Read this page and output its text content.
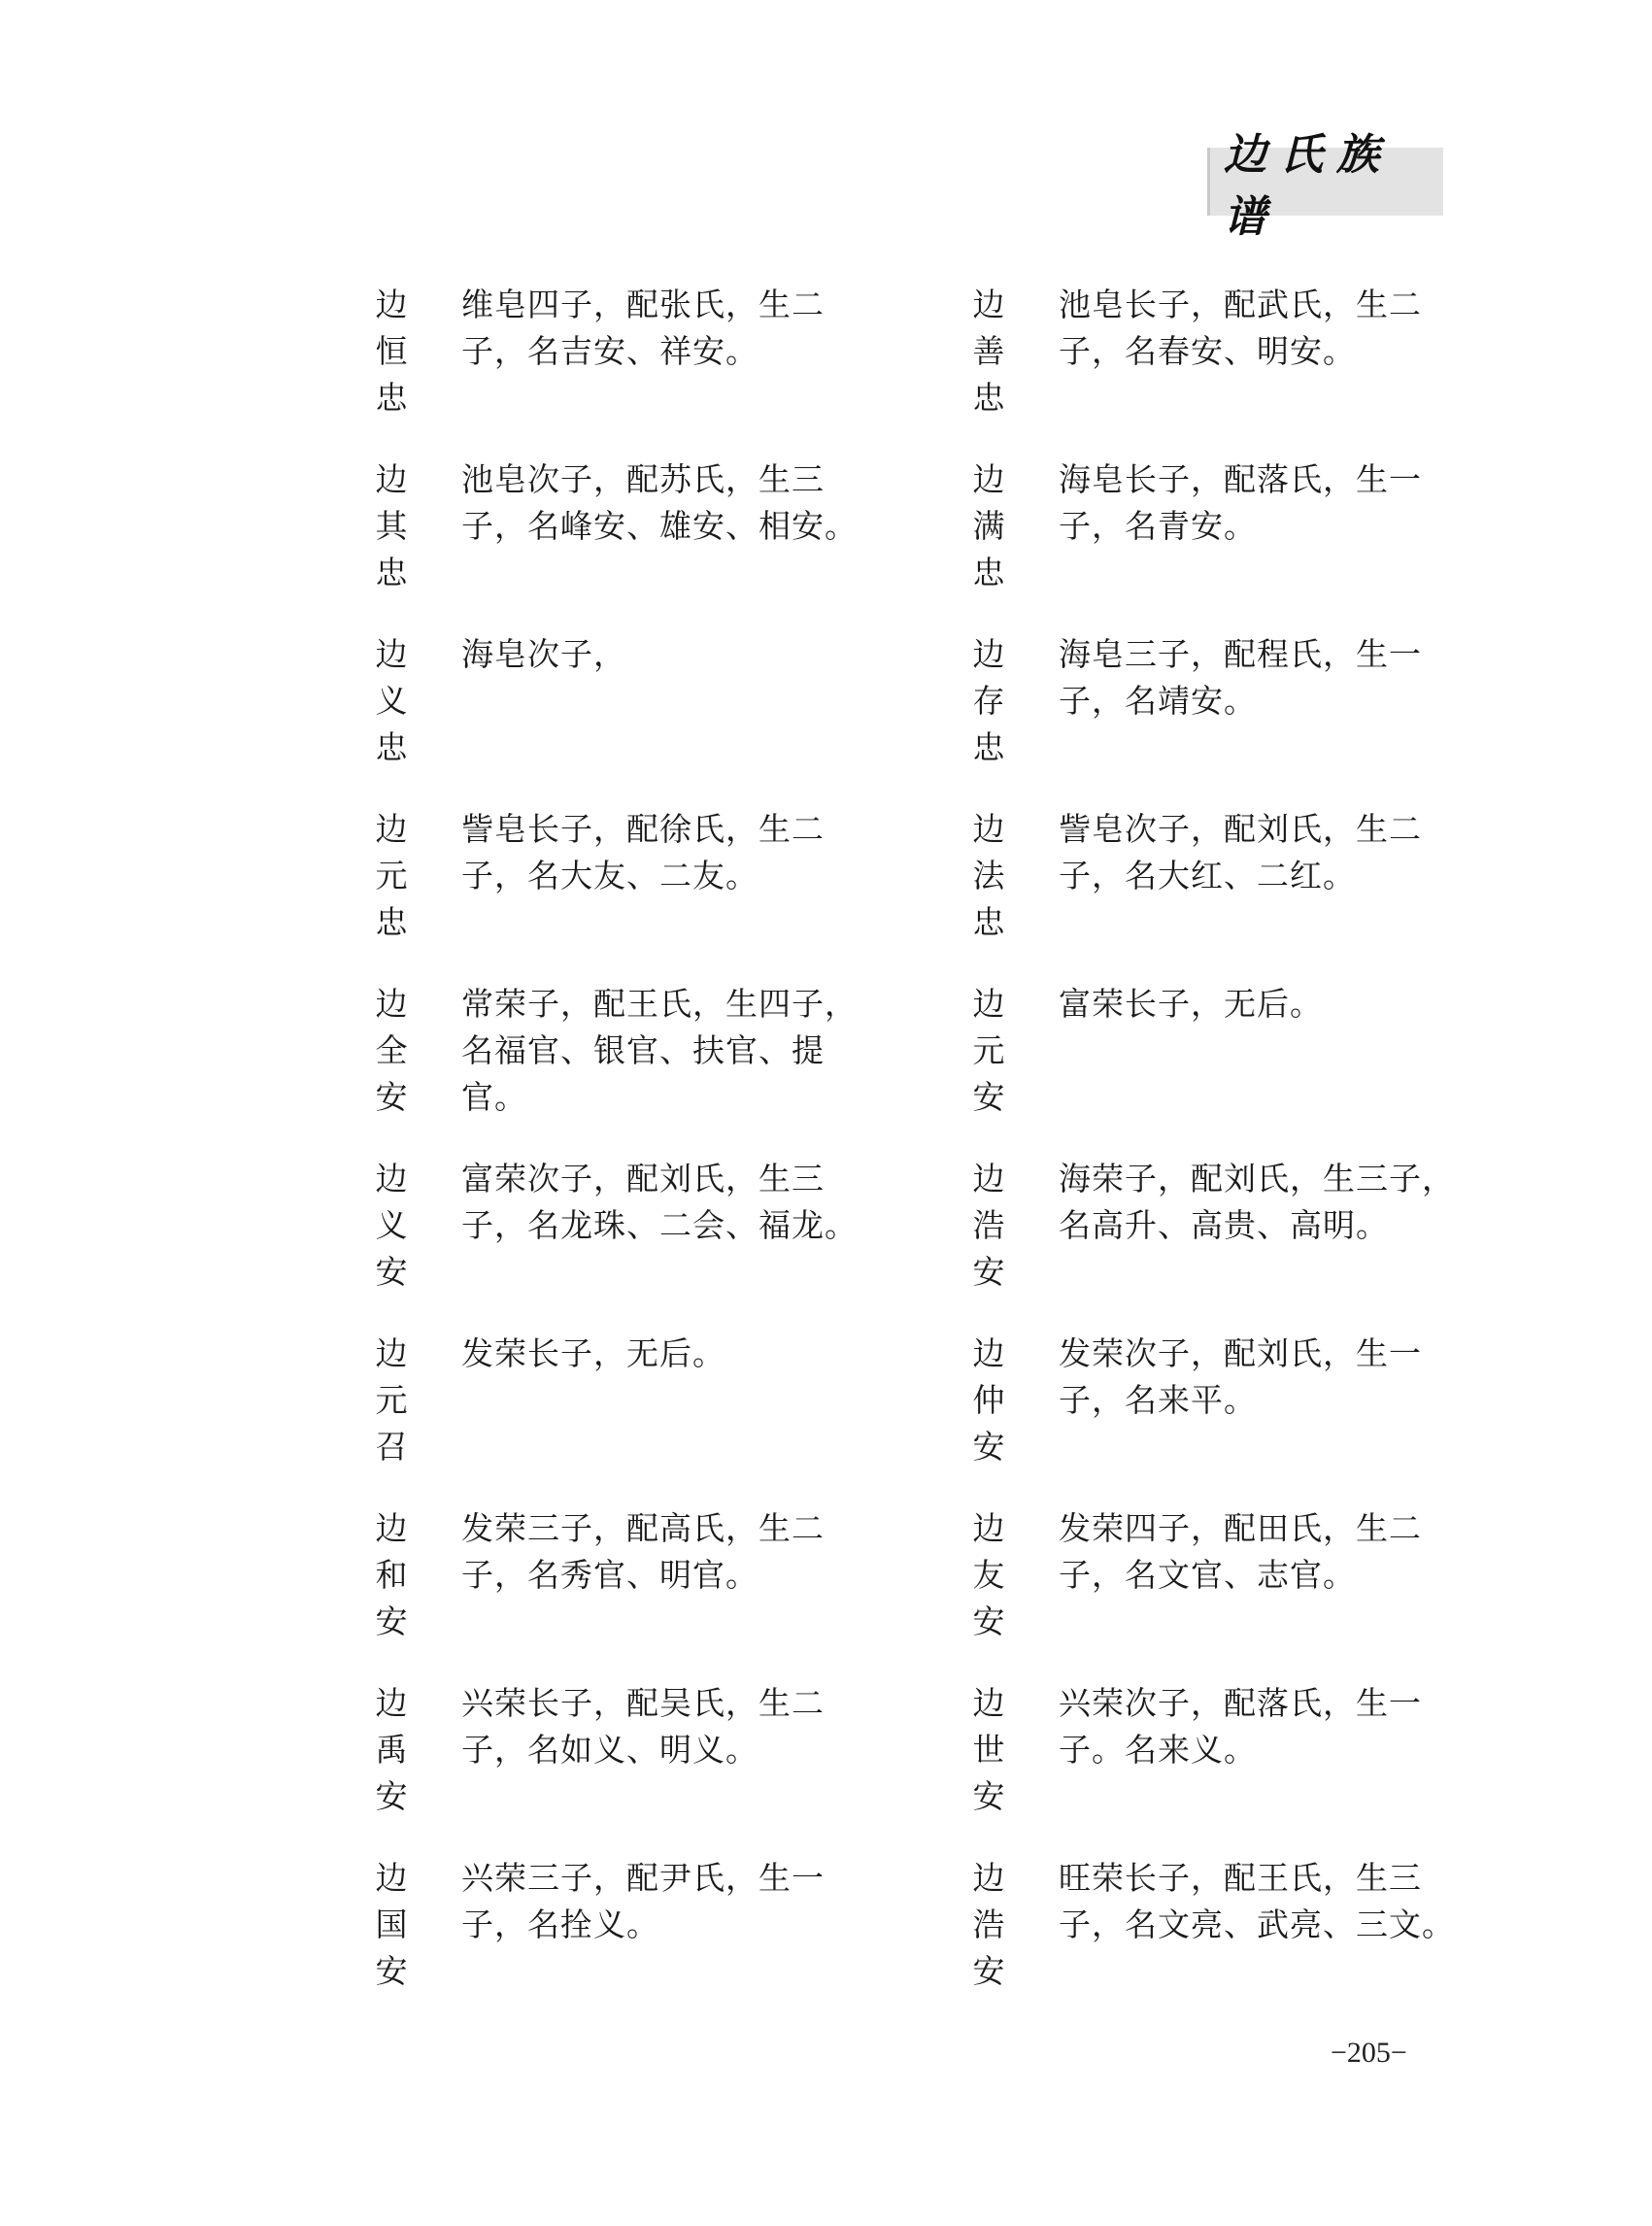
边氏族谱
边恒忠
维皂四子，配张氏，生二子，名吉安、祥安。
边其忠
池皂次子，配苏氏，生三子，名峰安、雄安、相安。
边义忠
海皂次子，
边元忠
訾皂长子，配徐氏，生二子，名大友、二友。
边全安
常荣子，配王氏，生四子，名福官、银官、扶官、提官。
边义安
富荣次子，配刘氏，生三子，名龙珠、二会、福龙。
边元召
发荣长子，无后。
边和安
发荣三子，配高氏，生二子，名秀官、明官。
边禹安
兴荣长子，配吴氏，生二子，名如义、明义。
边国安
兴荣三子，配尹氏，生一子，名拴义。
边善忠
池皂长子，配武氏，生二子，名春安、明安。
边满忠
海皂长子，配落氏，生一子，名青安。
边存忠
海皂三子，配程氏，生一子，名靖安。
边法忠
訾皂次子，配刘氏，生二子，名大红、二红。
边元安
富荣长子，无后。
边浩安
海荣子，配刘氏，生三子，名高升、高贵、高明。
边仲安
发荣次子，配刘氏，生一子，名来平。
边友安
发荣四子，配田氏，生二子，名文官、志官。
边世安
兴荣次子，配落氏，生一子。名来义。
边浩安
旺荣长子，配王氏，生三子，名文亮、武亮、三文。
−205−
